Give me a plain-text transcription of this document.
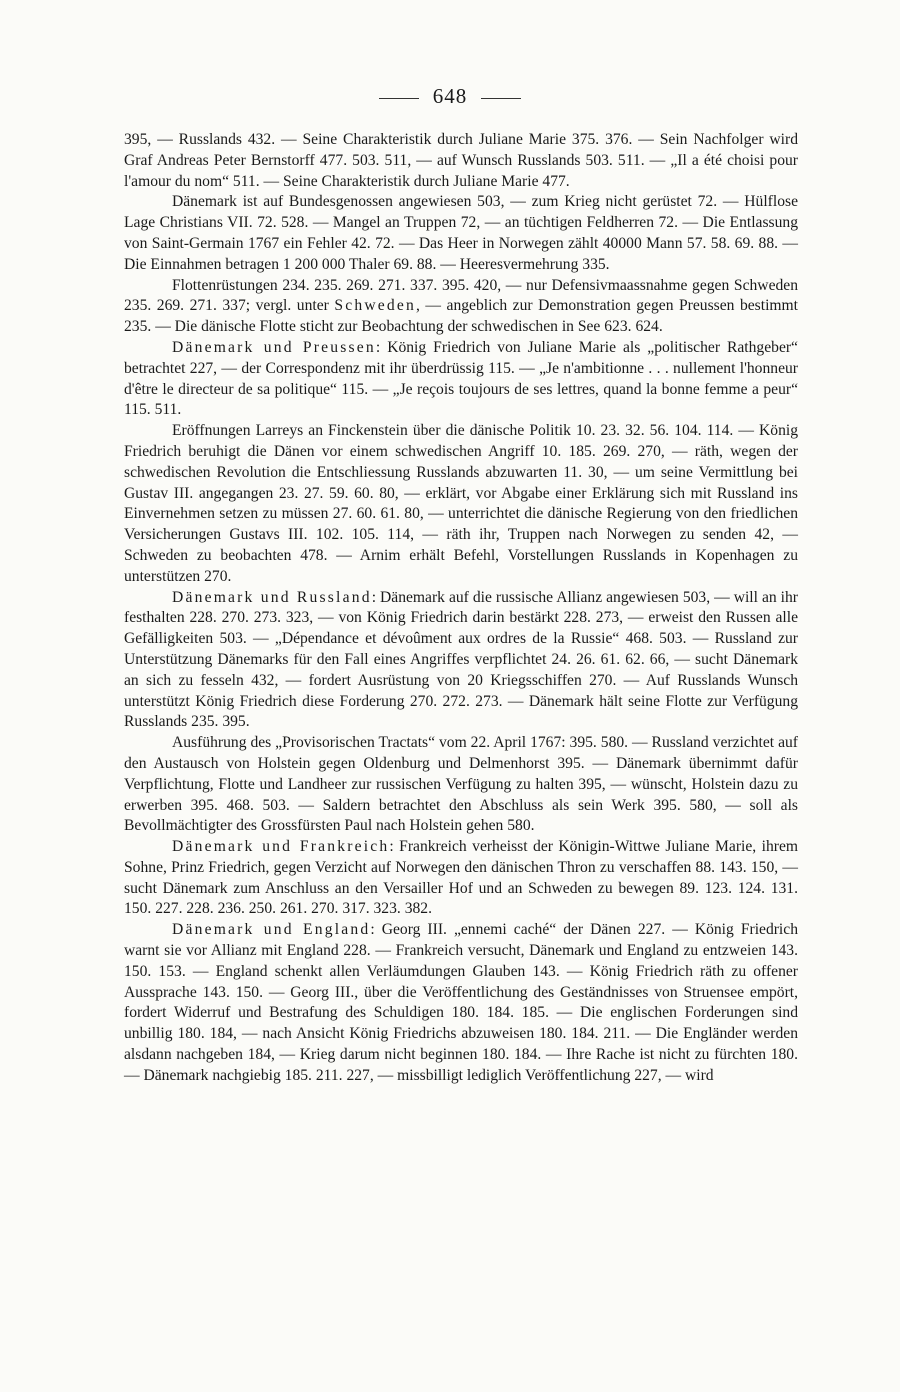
648

395, — Russlands 432. — Seine Charakteristik durch Juliane Marie 375. 376. — Sein Nachfolger wird Graf Andreas Peter Bernstorff 477. 503. 511, — auf Wunsch Russlands 503. 511. — „Il a été choisi pour l'amour du nom“ 511. — Seine Charakteristik durch Juliane Marie 477.

Dänemark ist auf Bundesgenossen angewiesen 503, — zum Krieg nicht gerüstet 72. — Hülflose Lage Christians VII. 72. 528. — Mangel an Truppen 72, — an tüchtigen Feldherren 72. — Die Entlassung von Saint-Germain 1767 ein Fehler 42. 72. — Das Heer in Norwegen zählt 40000 Mann 57. 58. 69. 88. — Die Einnahmen betragen 1 200 000 Thaler 69. 88. — Heeresvermehrung 335.

Flottenrüstungen 234. 235. 269. 271. 337. 395. 420, — nur Defensivmaassnahme gegen Schweden 235. 269. 271. 337; vergl. unter Schweden, — angeblich zur Demonstration gegen Preussen bestimmt 235. — Die dänische Flotte sticht zur Beobachtung der schwedischen in See 623. 624.

Dänemark und Preussen: König Friedrich von Juliane Marie als „politischer Rathgeber“ betrachtet 227, — der Correspondenz mit ihr überdrüssig 115. — „Je n'ambitionne . . . nullement l'honneur d'être le directeur de sa politique“ 115. — „Je reçois toujours de ses lettres, quand la bonne femme a peur“ 115. 511.

Eröffnungen Larreys an Finckenstein über die dänische Politik 10. 23. 32. 56. 104. 114. — König Friedrich beruhigt die Dänen vor einem schwedischen Angriff 10. 185. 269. 270, — räth, wegen der schwedischen Revolution die Entschliessung Russlands abzuwarten 11. 30, — um seine Vermittlung bei Gustav III. angegangen 23. 27. 59. 60. 80, — erklärt, vor Abgabe einer Erklärung sich mit Russland ins Einvernehmen setzen zu müssen 27. 60. 61. 80, — unterrichtet die dänische Regierung von den friedlichen Versicherungen Gustavs III. 102. 105. 114, — räth ihr, Truppen nach Norwegen zu senden 42, — Schweden zu beobachten 478. — Arnim erhält Befehl, Vorstellungen Russlands in Kopenhagen zu unterstützen 270.

Dänemark und Russland: Dänemark auf die russische Allianz angewiesen 503, — will an ihr festhalten 228. 270. 273. 323, — von König Friedrich darin bestärkt 228. 273, — erweist den Russen alle Gefälligkeiten 503. — „Dépendance et dévoûment aux ordres de la Russie“ 468. 503. — Russland zur Unterstützung Dänemarks für den Fall eines Angriffes verpflichtet 24. 26. 61. 62. 66, — sucht Dänemark an sich zu fesseln 432, — fordert Ausrüstung von 20 Kriegsschiffen 270. — Auf Russlands Wunsch unterstützt König Friedrich diese Forderung 270. 272. 273. — Dänemark hält seine Flotte zur Verfügung Russlands 235. 395.

Ausführung des „Provisorischen Tractats“ vom 22. April 1767: 395. 580. — Russland verzichtet auf den Austausch von Holstein gegen Oldenburg und Delmenhorst 395. — Dänemark übernimmt dafür Verpflichtung, Flotte und Landheer zur russischen Verfügung zu halten 395, — wünscht, Holstein dazu zu erwerben 395. 468. 503. — Saldern betrachtet den Abschluss als sein Werk 395. 580, — soll als Bevollmächtigter des Grossfürsten Paul nach Holstein gehen 580.

Dänemark und Frankreich: Frankreich verheisst der Königin-Wittwe Juliane Marie, ihrem Sohne, Prinz Friedrich, gegen Verzicht auf Norwegen den dänischen Thron zu verschaffen 88. 143. 150, — sucht Dänemark zum Anschluss an den Versailler Hof und an Schweden zu bewegen 89. 123. 124. 131. 150. 227. 228. 236. 250. 261. 270. 317. 323. 382.

Dänemark und England: Georg III. „ennemi caché“ der Dänen 227. — König Friedrich warnt sie vor Allianz mit England 228. — Frankreich versucht, Dänemark und England zu entzweien 143. 150. 153. — England schenkt allen Verläumdungen Glauben 143. — König Friedrich räth zu offener Aussprache 143. 150. — Georg III., über die Veröffentlichung des Geständnisses von Struensee empört, fordert Widerruf und Bestrafung des Schuldigen 180. 184. 185. — Die englischen Forderungen sind unbillig 180. 184, — nach Ansicht König Friedrichs abzuweisen 180. 184. 211. — Die Engländer werden alsdann nachgeben 184, — Krieg darum nicht beginnen 180. 184. — Ihre Rache ist nicht zu fürchten 180. — Dänemark nachgiebig 185. 211. 227, — missbilligt lediglich Veröffentlichung 227, — wird
